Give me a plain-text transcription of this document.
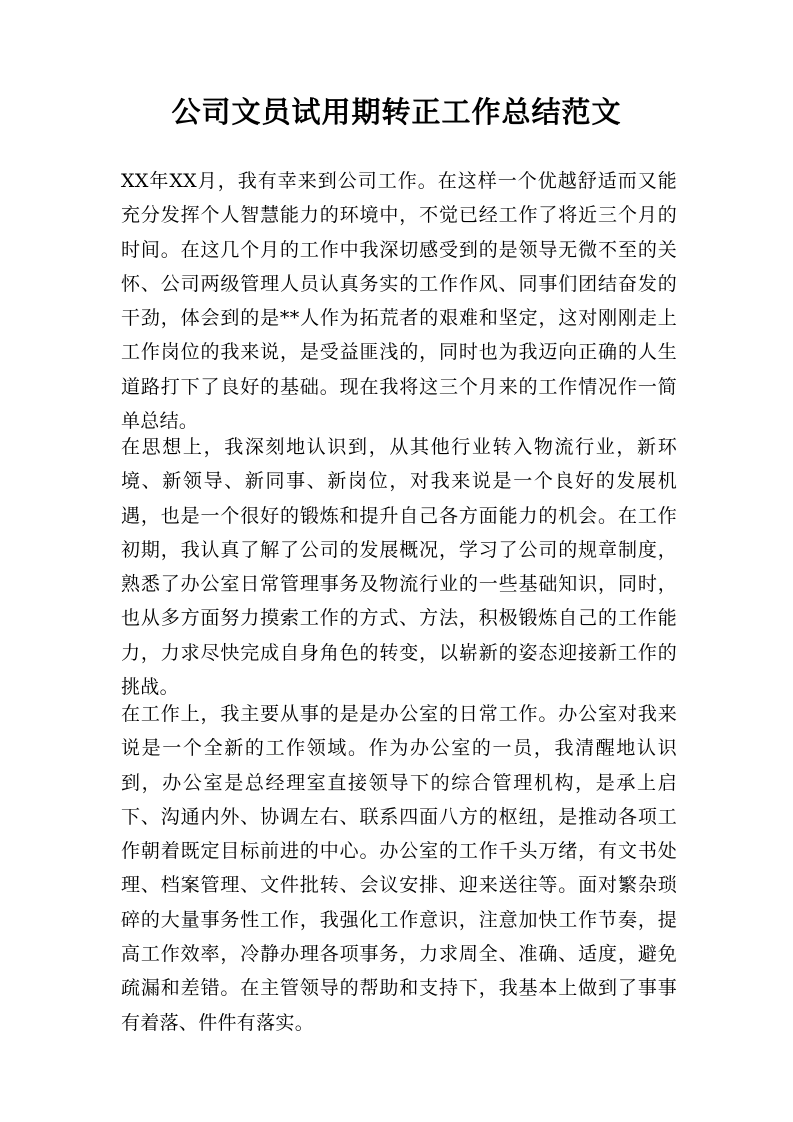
公司文员试用期转正工作总结范文

XX年XX月，我有幸来到公司工作。在这样一个优越舒适而又能充分发挥个人智慧能力的环境中，不觉已经工作了将近三个月的时间。在这几个月的工作中我深切感受到的是领导无微不至的关怀、公司两级管理人员认真务实的工作作风、同事们团结奋发的干劲，体会到的是**人作为拓荒者的艰难和坚定，这对刚刚走上工作岗位的我来说，是受益匪浅的，同时也为我迈向正确的人生道路打下了良好的基础。现在我将这三个月来的工作情况作一简单总结。

在思想上，我深刻地认识到，从其他行业转入物流行业，新环境、新领导、新同事、新岗位，对我来说是一个良好的发展机遇，也是一个很好的锻炼和提升自己各方面能力的机会。在工作初期，我认真了解了公司的发展概况，学习了公司的规章制度，熟悉了办公室日常管理事务及物流行业的一些基础知识，同时，也从多方面努力摸索工作的方式、方法，积极锻炼自己的工作能力，力求尽快完成自身角色的转变，以崭新的姿态迎接新工作的挑战。

在工作上，我主要从事的是是办公室的日常工作。办公室对我来说是一个全新的工作领域。作为办公室的一员，我清醒地认识到，办公室是总经理室直接领导下的综合管理机构，是承上启下、沟通内外、协调左右、联系四面八方的枢纽，是推动各项工作朝着既定目标前进的中心。办公室的工作千头万绪，有文书处理、档案管理、文件批转、会议安排、迎来送往等。面对繁杂琐碎的大量事务性工作，我强化工作意识，注意加快工作节奏，提高工作效率，冷静办理各项事务，力求周全、准确、适度，避免疏漏和差错。在主管领导的帮助和支持下，我基本上做到了事事有着落、件件有落实。
